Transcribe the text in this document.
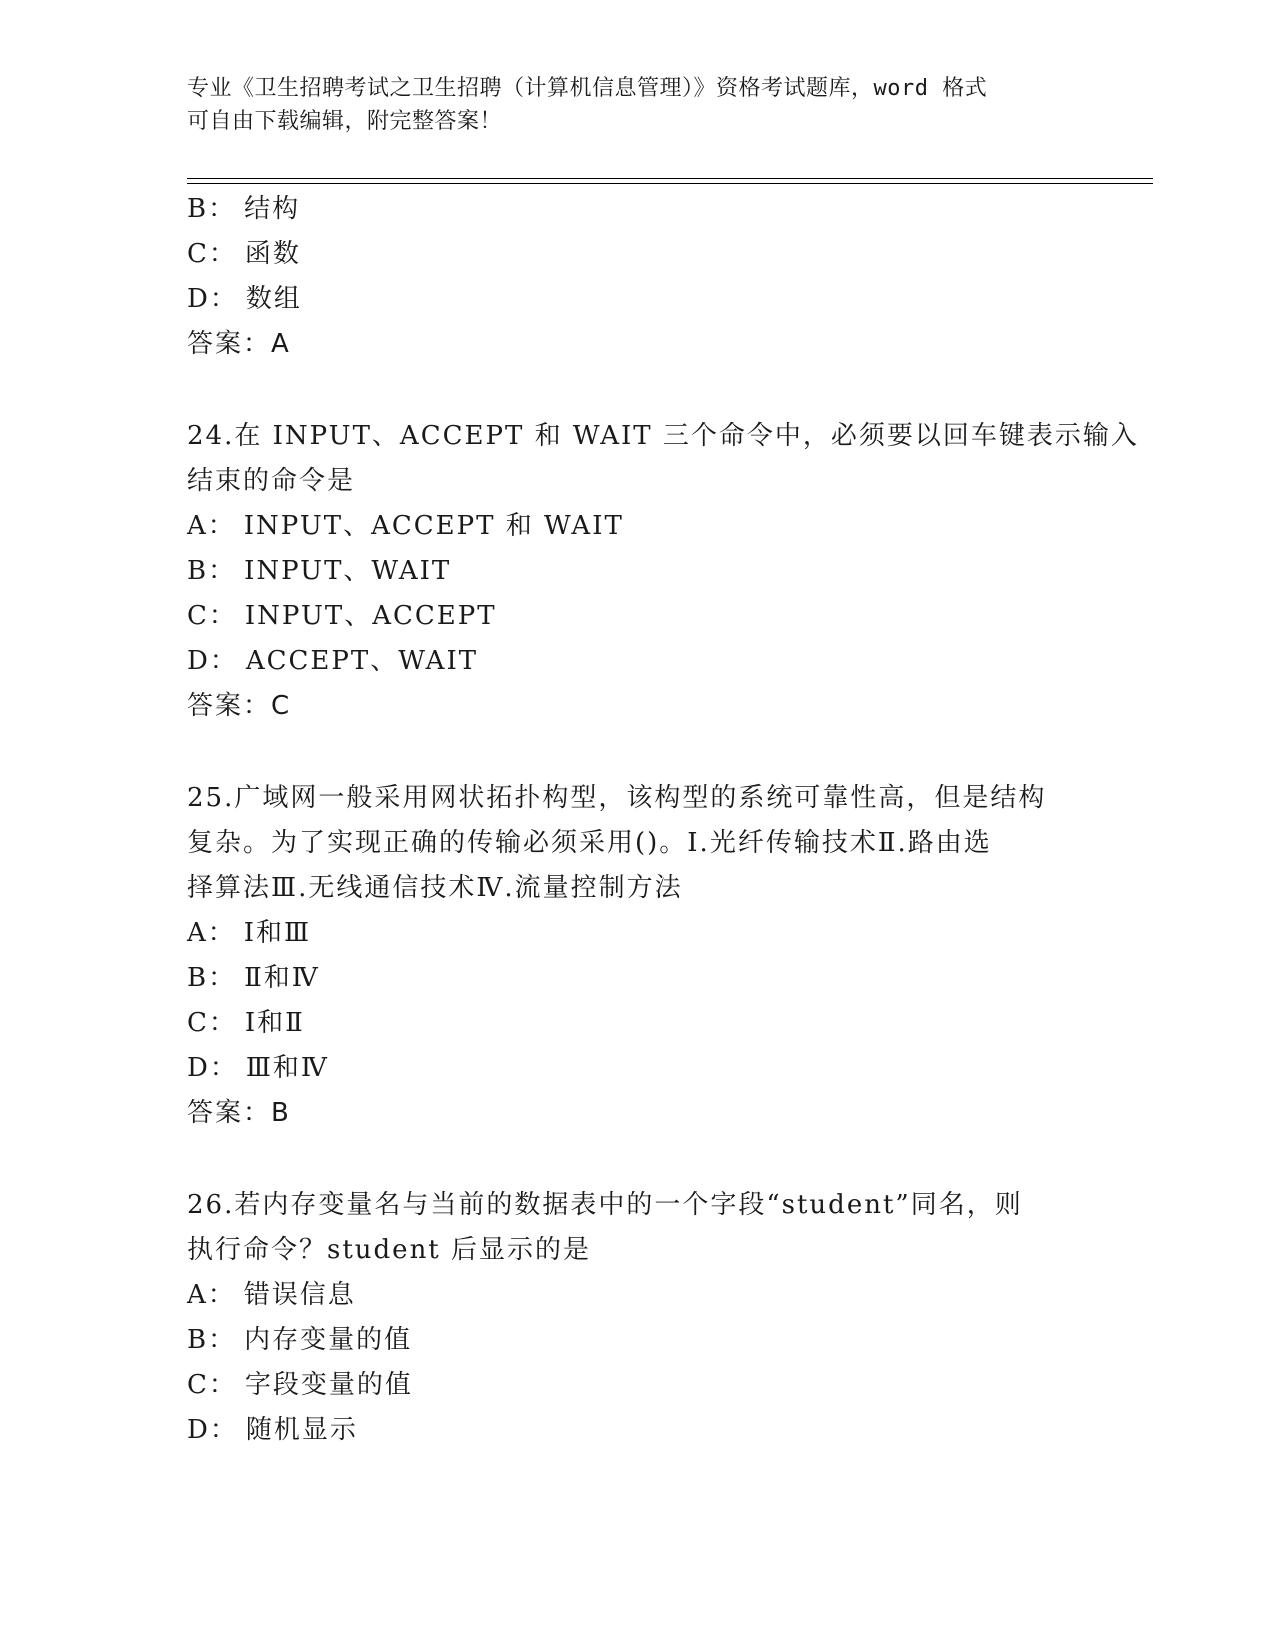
专业《卫生招聘考试之卫生招聘（计算机信息管理）》资格考试题库，word 格式
可自由下载编辑，附完整答案！
B： 结构
C： 函数
D： 数组
答案：A
24.在 INPUT、ACCEPT 和 WAIT 三个命令中，必须要以回车键表示输入
结束的命令是
A： INPUT、ACCEPT 和 WAIT
B： INPUT、WAIT
C： INPUT、ACCEPT
D： ACCEPT、WAIT
答案：C
25.广域网一般采用网状拓扑构型，该构型的系统可靠性高，但是结构
复杂。为了实现正确的传输必须采用()。Ⅰ.光纤传输技术Ⅱ.路由选
择算法Ⅲ.无线通信技术Ⅳ.流量控制方法
A： Ⅰ和Ⅲ
B： Ⅱ和Ⅳ
C： Ⅰ和Ⅱ
D： Ⅲ和Ⅳ
答案：B
26.若内存变量名与当前的数据表中的一个字段“student”同名，则
执行命令？student 后显示的是
A： 错误信息
B： 内存变量的值
C： 字段变量的值
D： 随机显示
